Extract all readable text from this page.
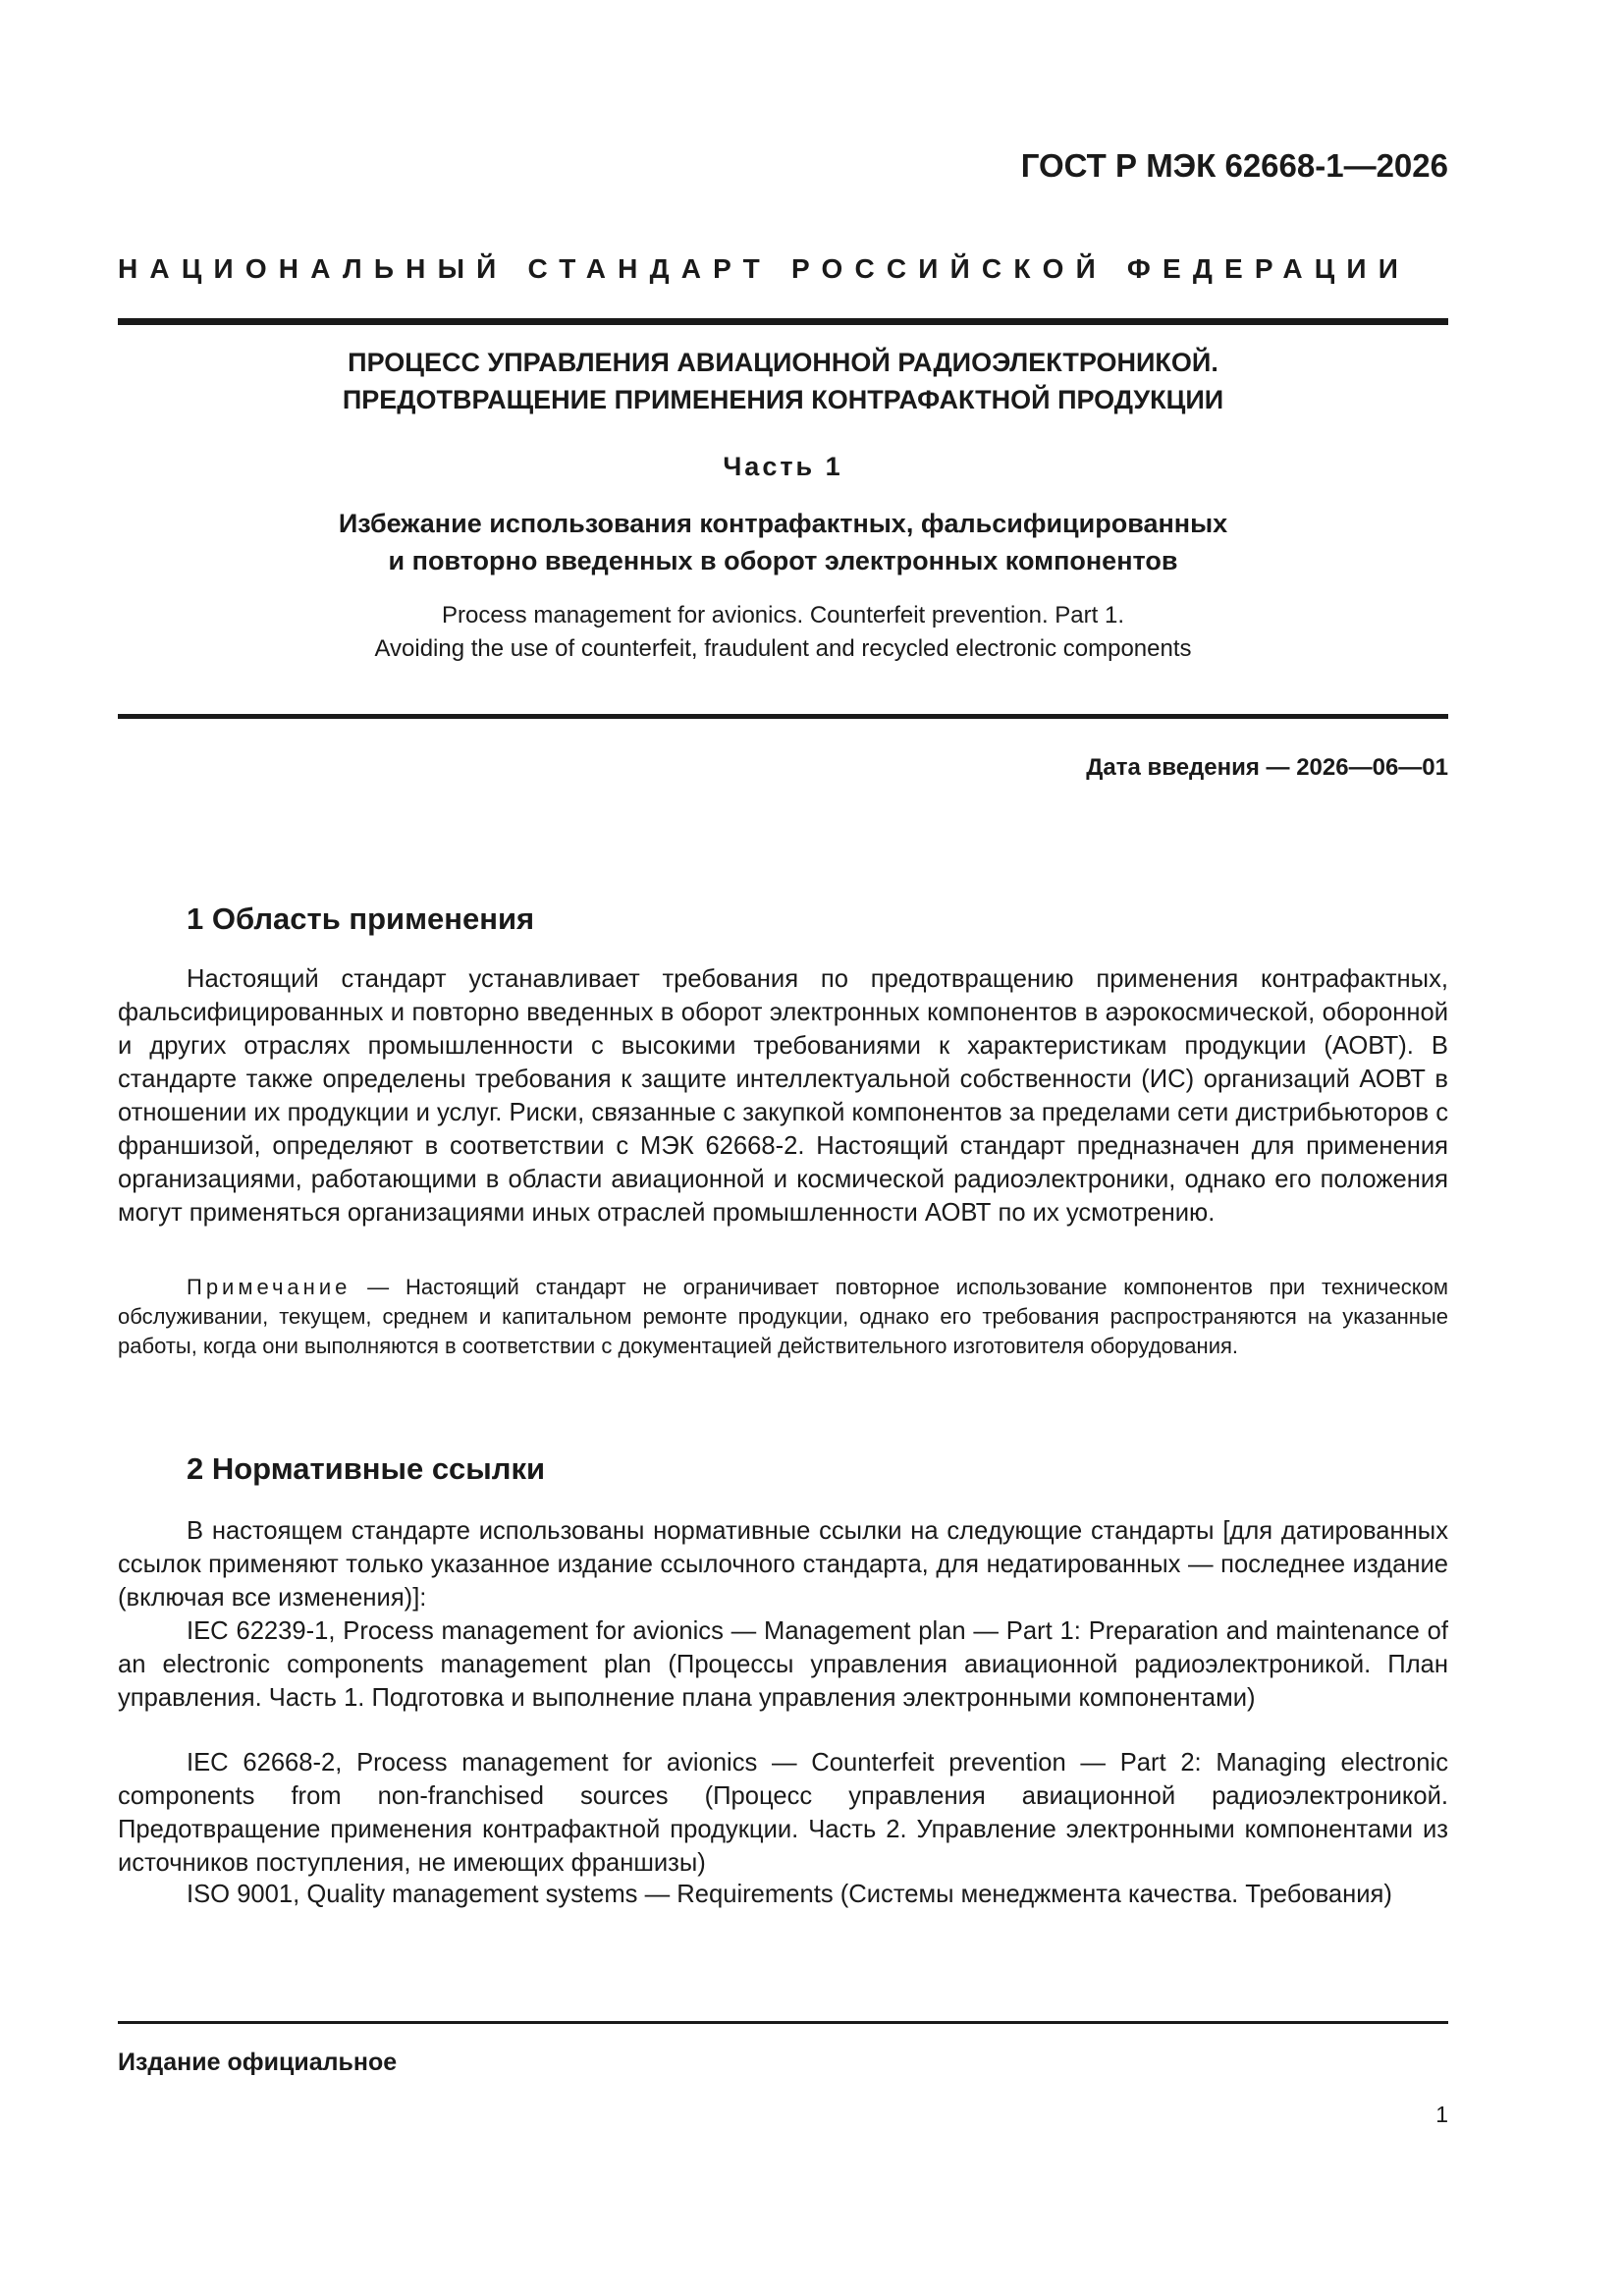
ГОСТ Р МЭК 62668-1—2026
НАЦИОНАЛЬНЫЙ СТАНДАРТ РОССИЙСКОЙ ФЕДЕРАЦИИ
ПРОЦЕСС УПРАВЛЕНИЯ АВИАЦИОННОЙ РАДИОЭЛЕКТРОНИКОЙ.
ПРЕДОТВРАЩЕНИЕ ПРИМЕНЕНИЯ КОНТРАФАКТНОЙ ПРОДУКЦИИ
Часть 1
Избежание использования контрафактных, фальсифицированных
и повторно введенных в оборот электронных компонентов
Process management for avionics. Counterfeit prevention. Part 1.
Avoiding the use of counterfeit, fraudulent and recycled electronic components
Дата введения — 2026—06—01
1 Область применения
Настоящий стандарт устанавливает требования по предотвращению применения контрафактных, фальсифицированных и повторно введенных в оборот электронных компонентов в аэрокосмической, оборонной и других отраслях промышленности с высокими требованиями к характеристикам продукции (АОВТ). В стандарте также определены требования к защите интеллектуальной собственности (ИС) организаций АОВТ в отношении их продукции и услуг. Риски, связанные с закупкой компонентов за пределами сети дистрибьюторов с франшизой, определяют в соответствии с МЭК 62668-2. Настоящий стандарт предназначен для применения организациями, работающими в области авиационной и космической радиоэлектроники, однако его положения могут применяться организациями иных отраслей промышленности АОВТ по их усмотрению.
Примечание — Настоящий стандарт не ограничивает повторное использование компонентов при техническом обслуживании, текущем, среднем и капитальном ремонте продукции, однако его требования распространяются на указанные работы, когда они выполняются в соответствии с документацией действительного изготовителя оборудования.
2 Нормативные ссылки
В настоящем стандарте использованы нормативные ссылки на следующие стандарты [для датированных ссылок применяют только указанное издание ссылочного стандарта, для недатированных — последнее издание (включая все изменения)]:
IEC 62239-1, Process management for avionics — Management plan — Part 1: Preparation and maintenance of an electronic components management plan (Процессы управления авиационной радиоэлектроникой. План управления. Часть 1. Подготовка и выполнение плана управления электронными компонентами)
IEC 62668-2, Process management for avionics — Counterfeit prevention — Part 2: Managing electronic components from non-franchised sources (Процесс управления авиационной радиоэлектроникой. Предотвращение применения контрафактной продукции. Часть 2. Управление электронными компонентами из источников поступления, не имеющих франшизы)
ISO 9001, Quality management systems — Requirements (Системы менеджмента качества. Требования)
Издание официальное
1
